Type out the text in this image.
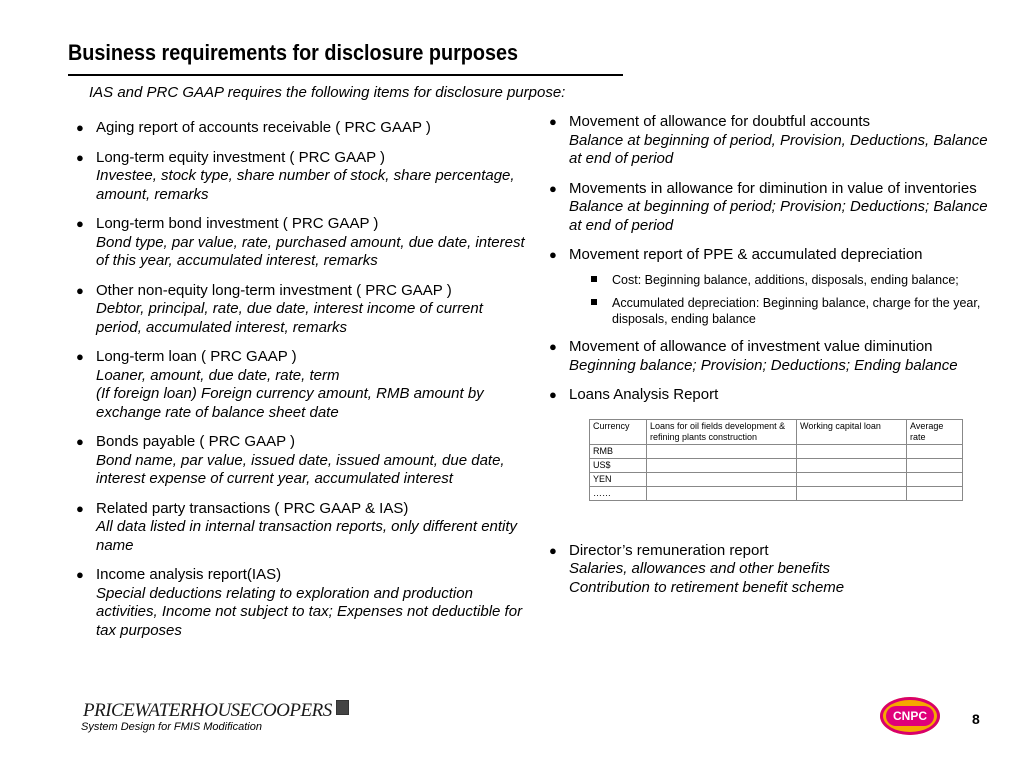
Business requirements for disclosure purposes
IAS and PRC GAAP requires the following items for disclosure purpose:
● Aging report of accounts receivable ( PRC GAAP )
● Long-term equity investment ( PRC GAAP )
Investee, stock type, share number of stock, share percentage, amount, remarks
● Long-term bond investment ( PRC GAAP )
Bond type, par value, rate, purchased amount, due date, interest of this year, accumulated interest, remarks
● Other non-equity long-term investment ( PRC GAAP )
Debtor, principal, rate, due date, interest income of current period, accumulated interest, remarks
● Long-term loan ( PRC GAAP )
Loaner, amount, due date, rate, term
(If foreign loan) Foreign currency amount, RMB amount by exchange rate of balance sheet date
● Bonds payable ( PRC GAAP )
Bond name, par value, issued date, issued amount, due date, interest expense of current year, accumulated interest
● Related party transactions ( PRC GAAP & IAS)
All data listed in internal transaction reports, only different entity name
● Income analysis report(IAS)
Special deductions relating to exploration and production activities, Income not subject to tax; Expenses not deductible for tax purposes
● Movement of allowance for doubtful accounts
Balance at beginning of period, Provision, Deductions, Balance at end of period
● Movements in allowance for diminution in value of inventories
Balance at beginning of period; Provision; Deductions; Balance at end of period
● Movement report of PPE & accumulated depreciation
Cost: Beginning balance, additions, disposals, ending balance;
Accumulated depreciation: Beginning balance, charge for the year, disposals, ending balance
● Movement of allowance of investment value diminution
Beginning balance; Provision; Deductions; Ending balance
● Loans Analysis Report
Currency	Loans for oil fields development & refining plants construction	Working capital loan	Average rate
RMB			
US$			
YEN			
……			
● Director’s remuneration report
Salaries, allowances and other benefits
Contribution to retirement benefit scheme
PRICEWATERHOUSECOOPERS
System Design for FMIS Modification
CNPC	8
